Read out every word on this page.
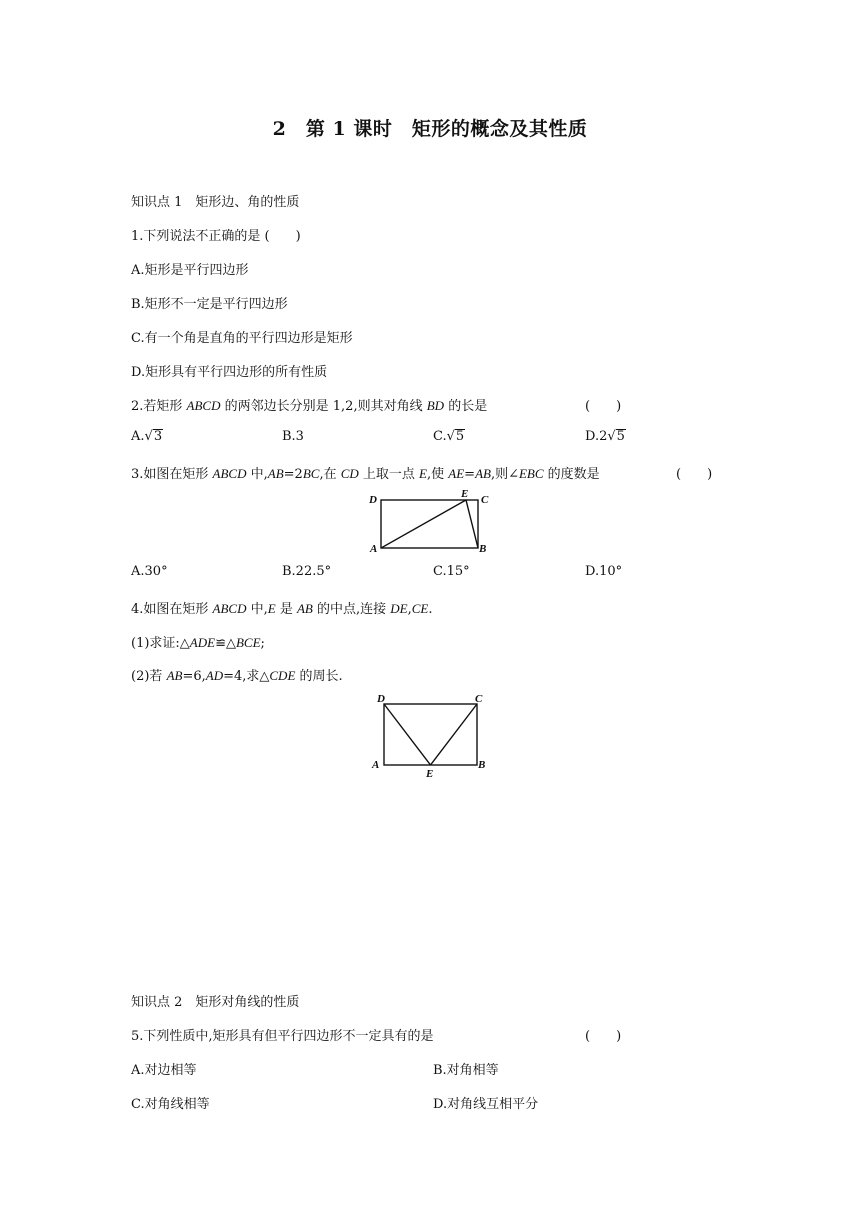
2　第 1 课时　矩形的概念及其性质
知识点 1　矩形边、角的性质
1.下列说法不正确的是 (　　)
A.矩形是平行四边形
B.矩形不一定是平行四边形
C.有一个角是直角的平行四边形是矩形
D.矩形具有平行四边形的所有性质
2.若矩形 ABCD 的两邻边长分别是 1,2,则其对角线 BD 的长是	(　　)
A.√3	B.3	C.√5	D.2√5
3.如图在矩形 ABCD 中,AB=2BC,在 CD 上取一点 E,使 AE=AB,则∠EBC 的度数是	(　　)
D	E C
A	B
A.30°	B.22.5°	C.15°	D.10°
4.如图在矩形 ABCD 中,E 是 AB 的中点,连接 DE,CE.
(1)求证:△ADE≌△BCE;
(2)若 AB=6,AD=4,求△CDE 的周长.
D	C
A
E
B
知识点 2　矩形对角线的性质
5.下列性质中,矩形具有但平行四边形不一定具有的是	(　　)
A.对边相等	B.对角相等
C.对角线相等	D.对角线互相平分
